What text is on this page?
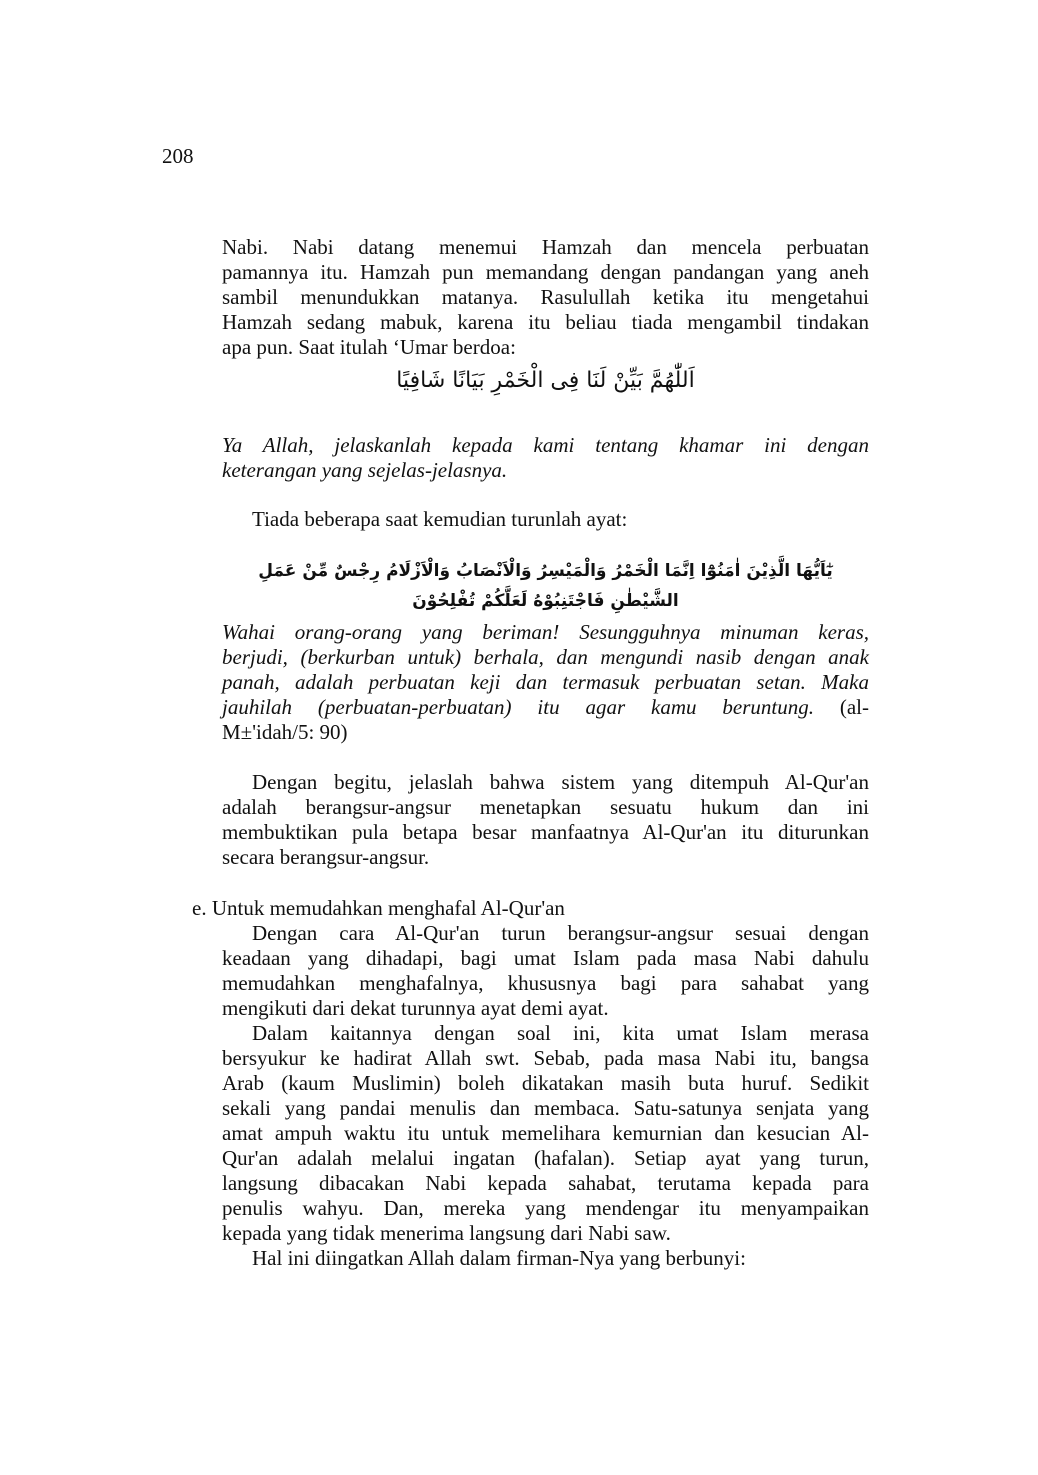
208
Nabi. Nabi datang menemui Hamzah dan mencela perbuatan
pamannya itu. Hamzah pun memandang dengan pandangan yang aneh
sambil menundukkan matanya. Rasulullah ketika itu mengetahui
Hamzah sedang mabuk, karena itu beliau tiada mengambil tindakan
apa pun. Saat itulah ‘Umar berdoa:
اَللّٰهُمَّ بَيِّنْ لَنَا فِى الْخَمْرِ بَيَانًا شَافِيًا
Ya Allah, jelaskanlah kepada kami tentang khamar ini dengan
keterangan yang sejelas-jelasnya.
Tiada beberapa saat kemudian turunlah ayat:
يٰٓاَيُّهَا الَّذِيْنَ اٰمَنُوْٓا اِنَّمَا الْخَمْرُ وَالْمَيْسِرُ وَالْاَنْصَابُ وَالْاَزْلَامُ رِجْسٌ مِّنْ عَمَلِ الشَّيْطٰنِ فَاجْتَنِبُوْهُ لَعَلَّكُمْ تُفْلِحُوْنَ
Wahai orang-orang yang beriman! Sesungguhnya minuman keras,
berjudi, (berkurban untuk) berhala, dan mengundi nasib dengan anak
panah, adalah perbuatan keji dan termasuk perbuatan setan. Maka
jauhilah (perbuatan-perbuatan) itu agar kamu beruntung. (al-
M±'idah/5: 90)
Dengan begitu, jelaslah bahwa sistem yang ditempuh Al-Qur'an
adalah berangsur-angsur menetapkan sesuatu hukum dan ini
membuktikan pula betapa besar manfaatnya Al-Qur'an itu diturunkan
secara berangsur-angsur.
e. Untuk memudahkan menghafal Al-Qur'an
Dengan cara Al-Qur'an turun berangsur-angsur sesuai dengan
keadaan yang dihadapi, bagi umat Islam pada masa Nabi dahulu
memudahkan menghafalnya, khususnya bagi para sahabat yang
mengikuti dari dekat turunnya ayat demi ayat.
Dalam kaitannya dengan soal ini, kita umat Islam merasa
bersyukur ke hadirat Allah swt. Sebab, pada masa Nabi itu, bangsa
Arab (kaum Muslimin) boleh dikatakan masih buta huruf. Sedikit
sekali yang pandai menulis dan membaca. Satu-satunya senjata yang
amat ampuh waktu itu untuk memelihara kemurnian dan kesucian Al-
Qur'an adalah melalui ingatan (hafalan). Setiap ayat yang turun,
langsung dibacakan Nabi kepada sahabat, terutama kepada para
penulis wahyu. Dan, mereka yang mendengar itu menyampaikan
kepada yang tidak menerima langsung dari Nabi saw.
Hal ini diingatkan Allah dalam firman-Nya yang berbunyi:
